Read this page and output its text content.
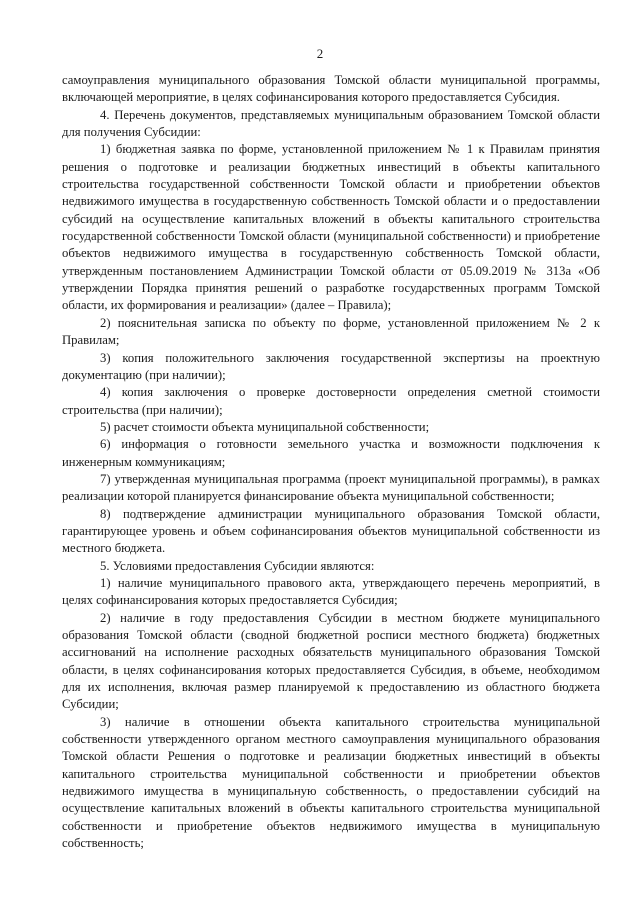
2

самоуправления муниципального образования Томской области муниципальной программы, включающей мероприятие, в целях софинансирования которого предоставляется Субсидия.

4. Перечень документов, представляемых муниципальным образованием Томской области для получения Субсидии:

1) бюджетная заявка по форме, установленной приложением № 1 к Правилам принятия решения о подготовке и реализации бюджетных инвестиций в объекты капитального строительства государственной собственности Томской области и приобретении объектов недвижимого имущества в государственную собственность Томской области и о предоставлении субсидий на осуществление капитальных вложений в объекты капитального строительства государственной собственности Томской области (муниципальной собственности) и приобретение объектов недвижимого имущества в государственную собственность Томской области, утвержденным постановлением Администрации Томской области от 05.09.2019 № 313а «Об утверждении Порядка принятия решений о разработке государственных программ Томской области, их формирования и реализации» (далее – Правила);

2) пояснительная записка по объекту по форме, установленной приложением № 2 к Правилам;

3) копия положительного заключения государственной экспертизы на проектную документацию (при наличии);

4) копия заключения о проверке достоверности определения сметной стоимости строительства (при наличии);

5) расчет стоимости объекта муниципальной собственности;

6) информация о готовности земельного участка и возможности подключения к инженерным коммуникациям;

7) утвержденная муниципальная программа (проект муниципальной программы), в рамках реализации которой планируется финансирование объекта муниципальной собственности;

8) подтверждение администрации муниципального образования Томской области, гарантирующее уровень и объем софинансирования объектов муниципальной собственности из местного бюджета.

5. Условиями предоставления Субсидии являются:

1) наличие муниципального правового акта, утверждающего перечень мероприятий, в целях софинансирования которых предоставляется Субсидия;

2) наличие в году предоставления Субсидии в местном бюджете муниципального образования Томской области (сводной бюджетной росписи местного бюджета) бюджетных ассигнований на исполнение расходных обязательств муниципального образования Томской области, в целях софинансирования которых предоставляется Субсидия, в объеме, необходимом для их исполнения, включая размер планируемой к предоставлению из областного бюджета Субсидии;

3) наличие в отношении объекта капитального строительства муниципальной собственности утвержденного органом местного самоуправления муниципального образования Томской области Решения о подготовке и реализации бюджетных инвестиций в объекты капитального строительства муниципальной собственности и приобретении объектов недвижимого имущества в муниципальную собственность, о предоставлении субсидий на осуществление капитальных вложений в объекты капитального строительства муниципальной собственности и приобретение объектов недвижимого имущества в муниципальную собственность;
